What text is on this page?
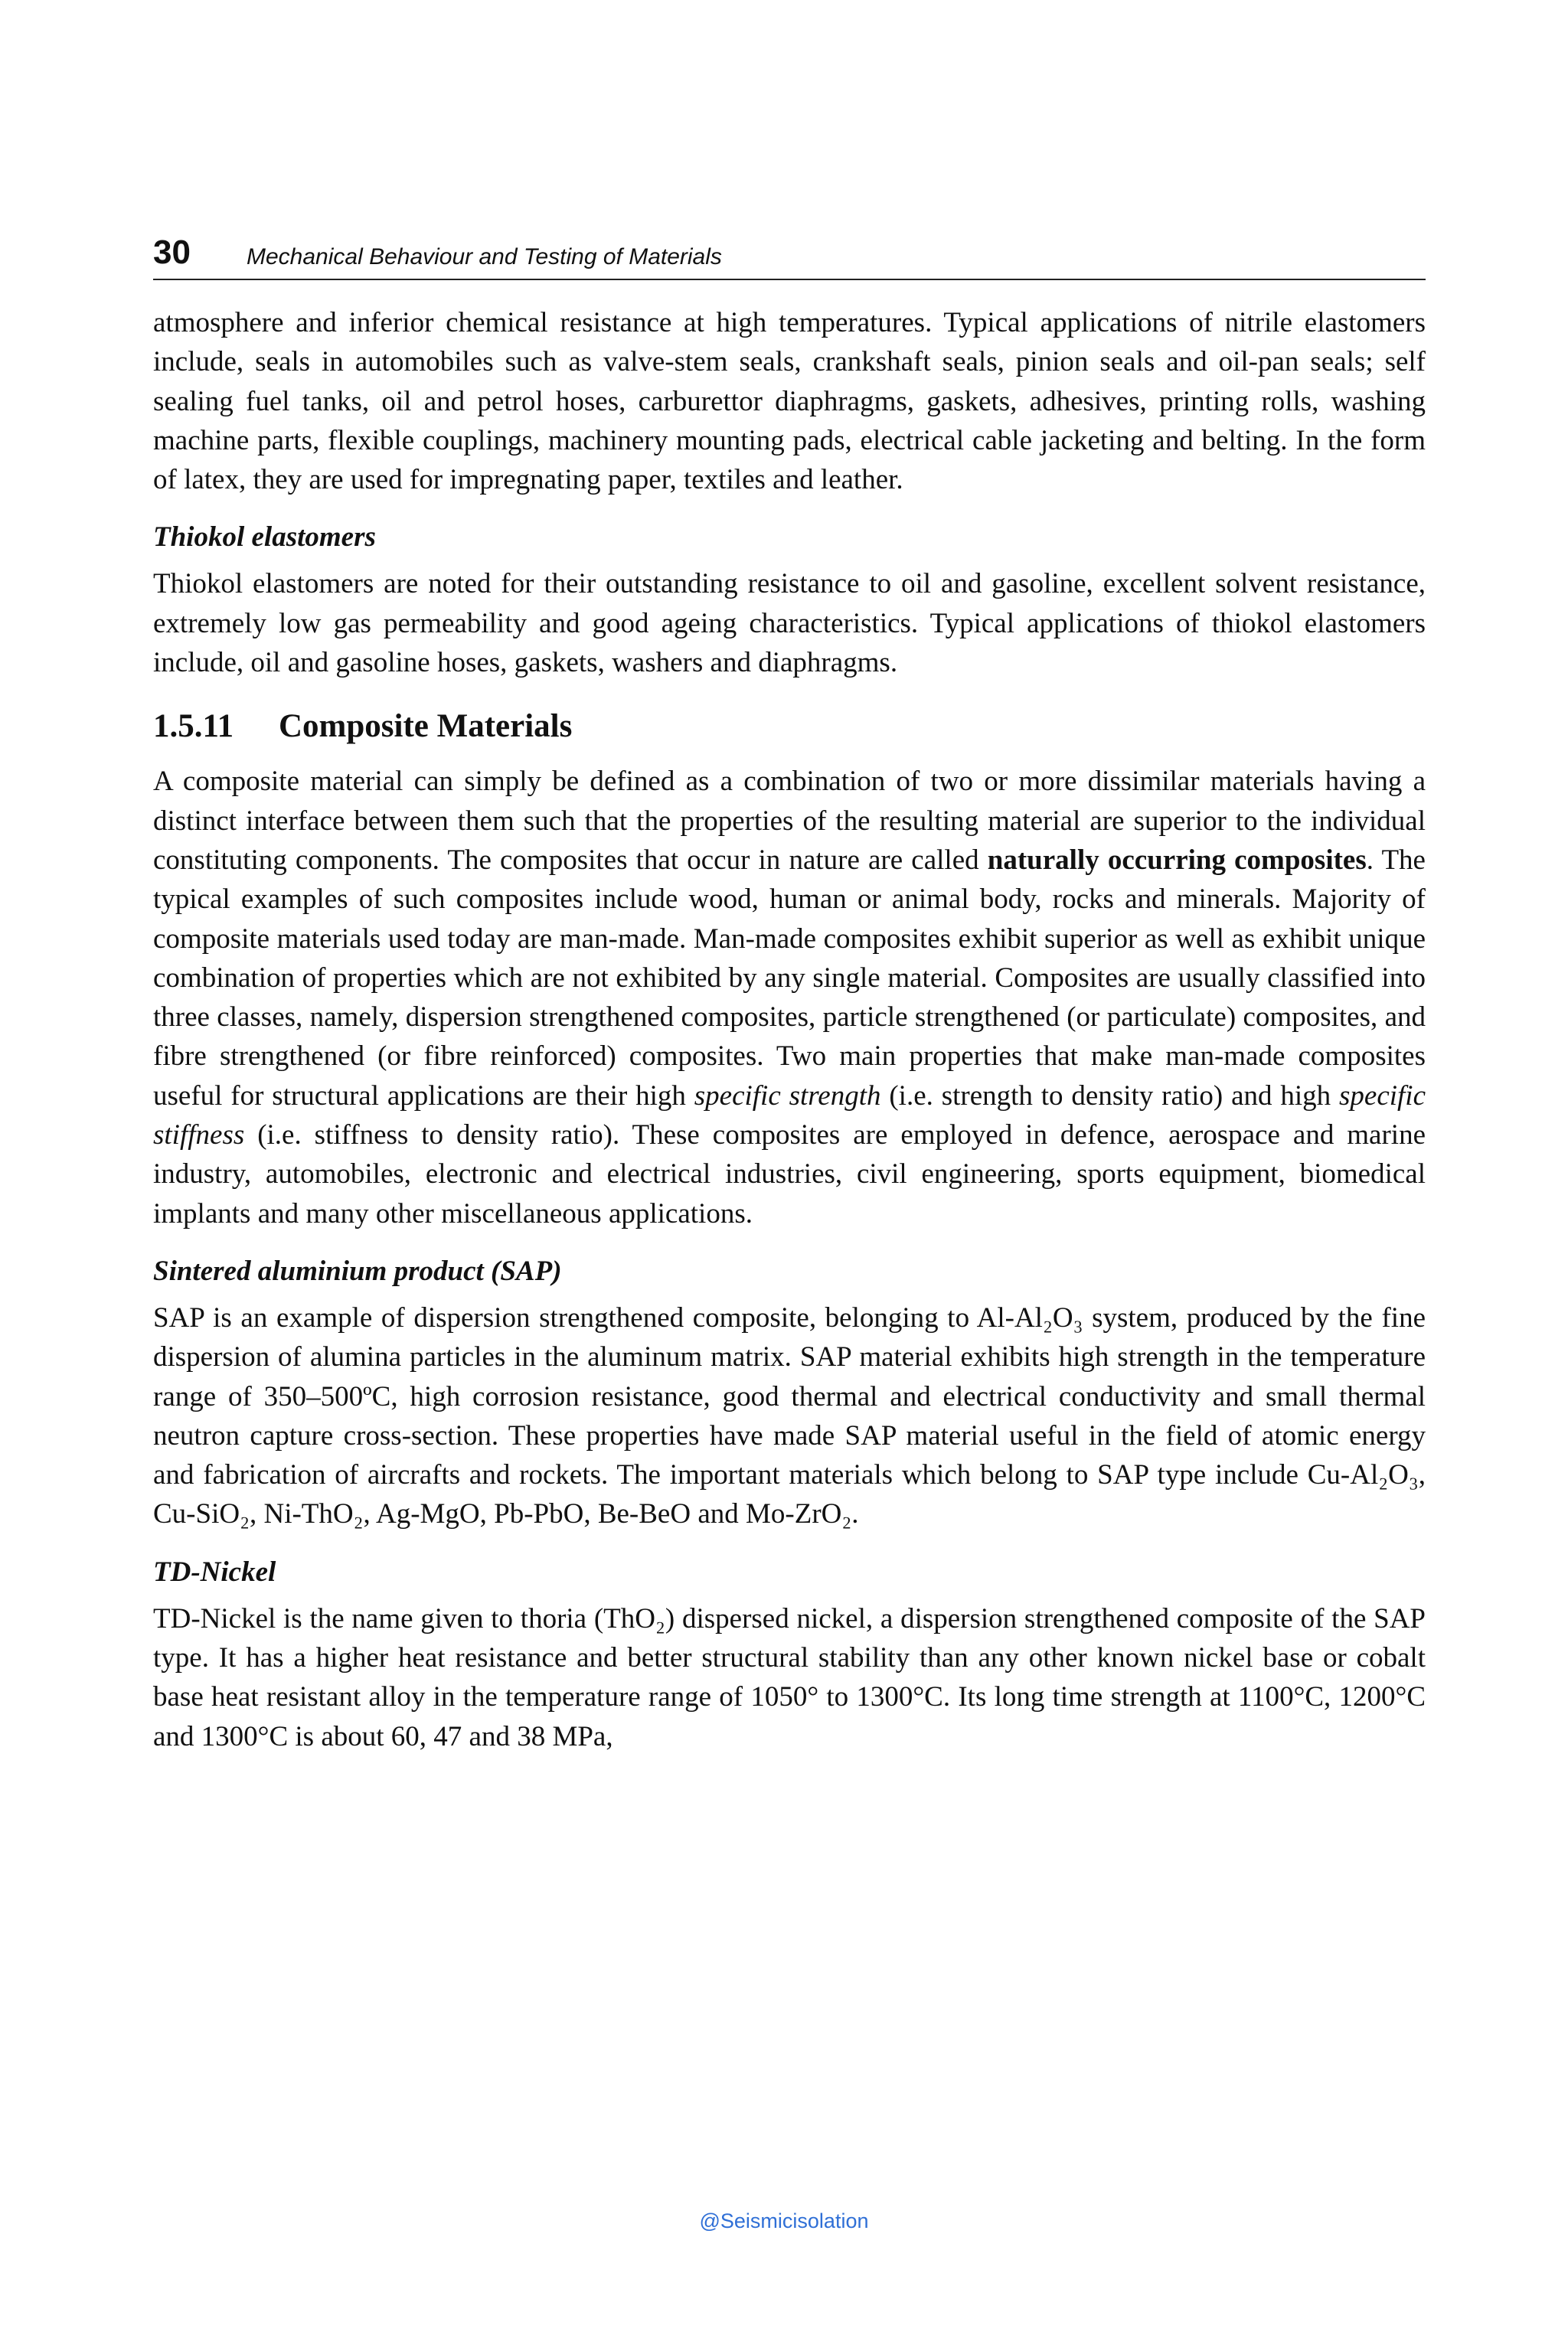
30 Mechanical Behaviour and Testing of Materials

atmosphere and inferior chemical resistance at high temperatures. Typical applications of nitrile elastomers include, seals in automobiles such as valve-stem seals, crankshaft seals, pinion seals and oil-pan seals; self sealing fuel tanks, oil and petrol hoses, carburettor diaphragms, gaskets, adhesives, printing rolls, washing machine parts, flexible couplings, machinery mounting pads, electrical cable jacketing and belting. In the form of latex, they are used for impregnating paper, textiles and leather.

Thiokol elastomers

Thiokol elastomers are noted for their outstanding resistance to oil and gasoline, excellent solvent resistance, extremely low gas permeability and good ageing characteristics. Typical applications of thiokol elastomers include, oil and gasoline hoses, gaskets, washers and diaphragms.

1.5.11 Composite Materials

A composite material can simply be defined as a combination of two or more dissimilar materials having a distinct interface between them such that the properties of the resulting material are superior to the individual constituting components. The composites that occur in nature are called naturally occurring composites. The typical examples of such composites include wood, human or animal body, rocks and minerals. Majority of composite materials used today are man-made. Man-made composites exhibit superior as well as exhibit unique combination of properties which are not exhibited by any single material. Composites are usually classified into three classes, namely, dispersion strengthened composites, particle strengthened (or particulate) composites, and fibre strengthened (or fibre reinforced) composites. Two main properties that make man-made composites useful for structural applications are their high specific strength (i.e. strength to density ratio) and high specific stiffness (i.e. stiffness to density ratio). These composites are employed in defence, aerospace and marine industry, automobiles, electronic and electrical industries, civil engineering, sports equipment, biomedical implants and many other miscellaneous applications.

Sintered aluminium product (SAP)

SAP is an example of dispersion strengthened composite, belonging to Al-Al₂O₃ system, produced by the fine dispersion of alumina particles in the aluminum matrix. SAP material exhibits high strength in the temperature range of 350–500ºC, high corrosion resistance, good thermal and electrical conductivity and small thermal neutron capture cross-section. These properties have made SAP material useful in the field of atomic energy and fabrication of aircrafts and rockets. The important materials which belong to SAP type include Cu-Al₂O₃, Cu-SiO₂, Ni-ThO₂, Ag-MgO, Pb-PbO, Be-BeO and Mo-ZrO₂.

TD-Nickel

TD-Nickel is the name given to thoria (ThO₂) dispersed nickel, a dispersion strengthened composite of the SAP type. It has a higher heat resistance and better structural stability than any other known nickel base or cobalt base heat resistant alloy in the temperature range of 1050° to 1300°C. Its long time strength at 1100°C, 1200°C and 1300°C is about 60, 47 and 38 MPa,

@Seismicisolation
